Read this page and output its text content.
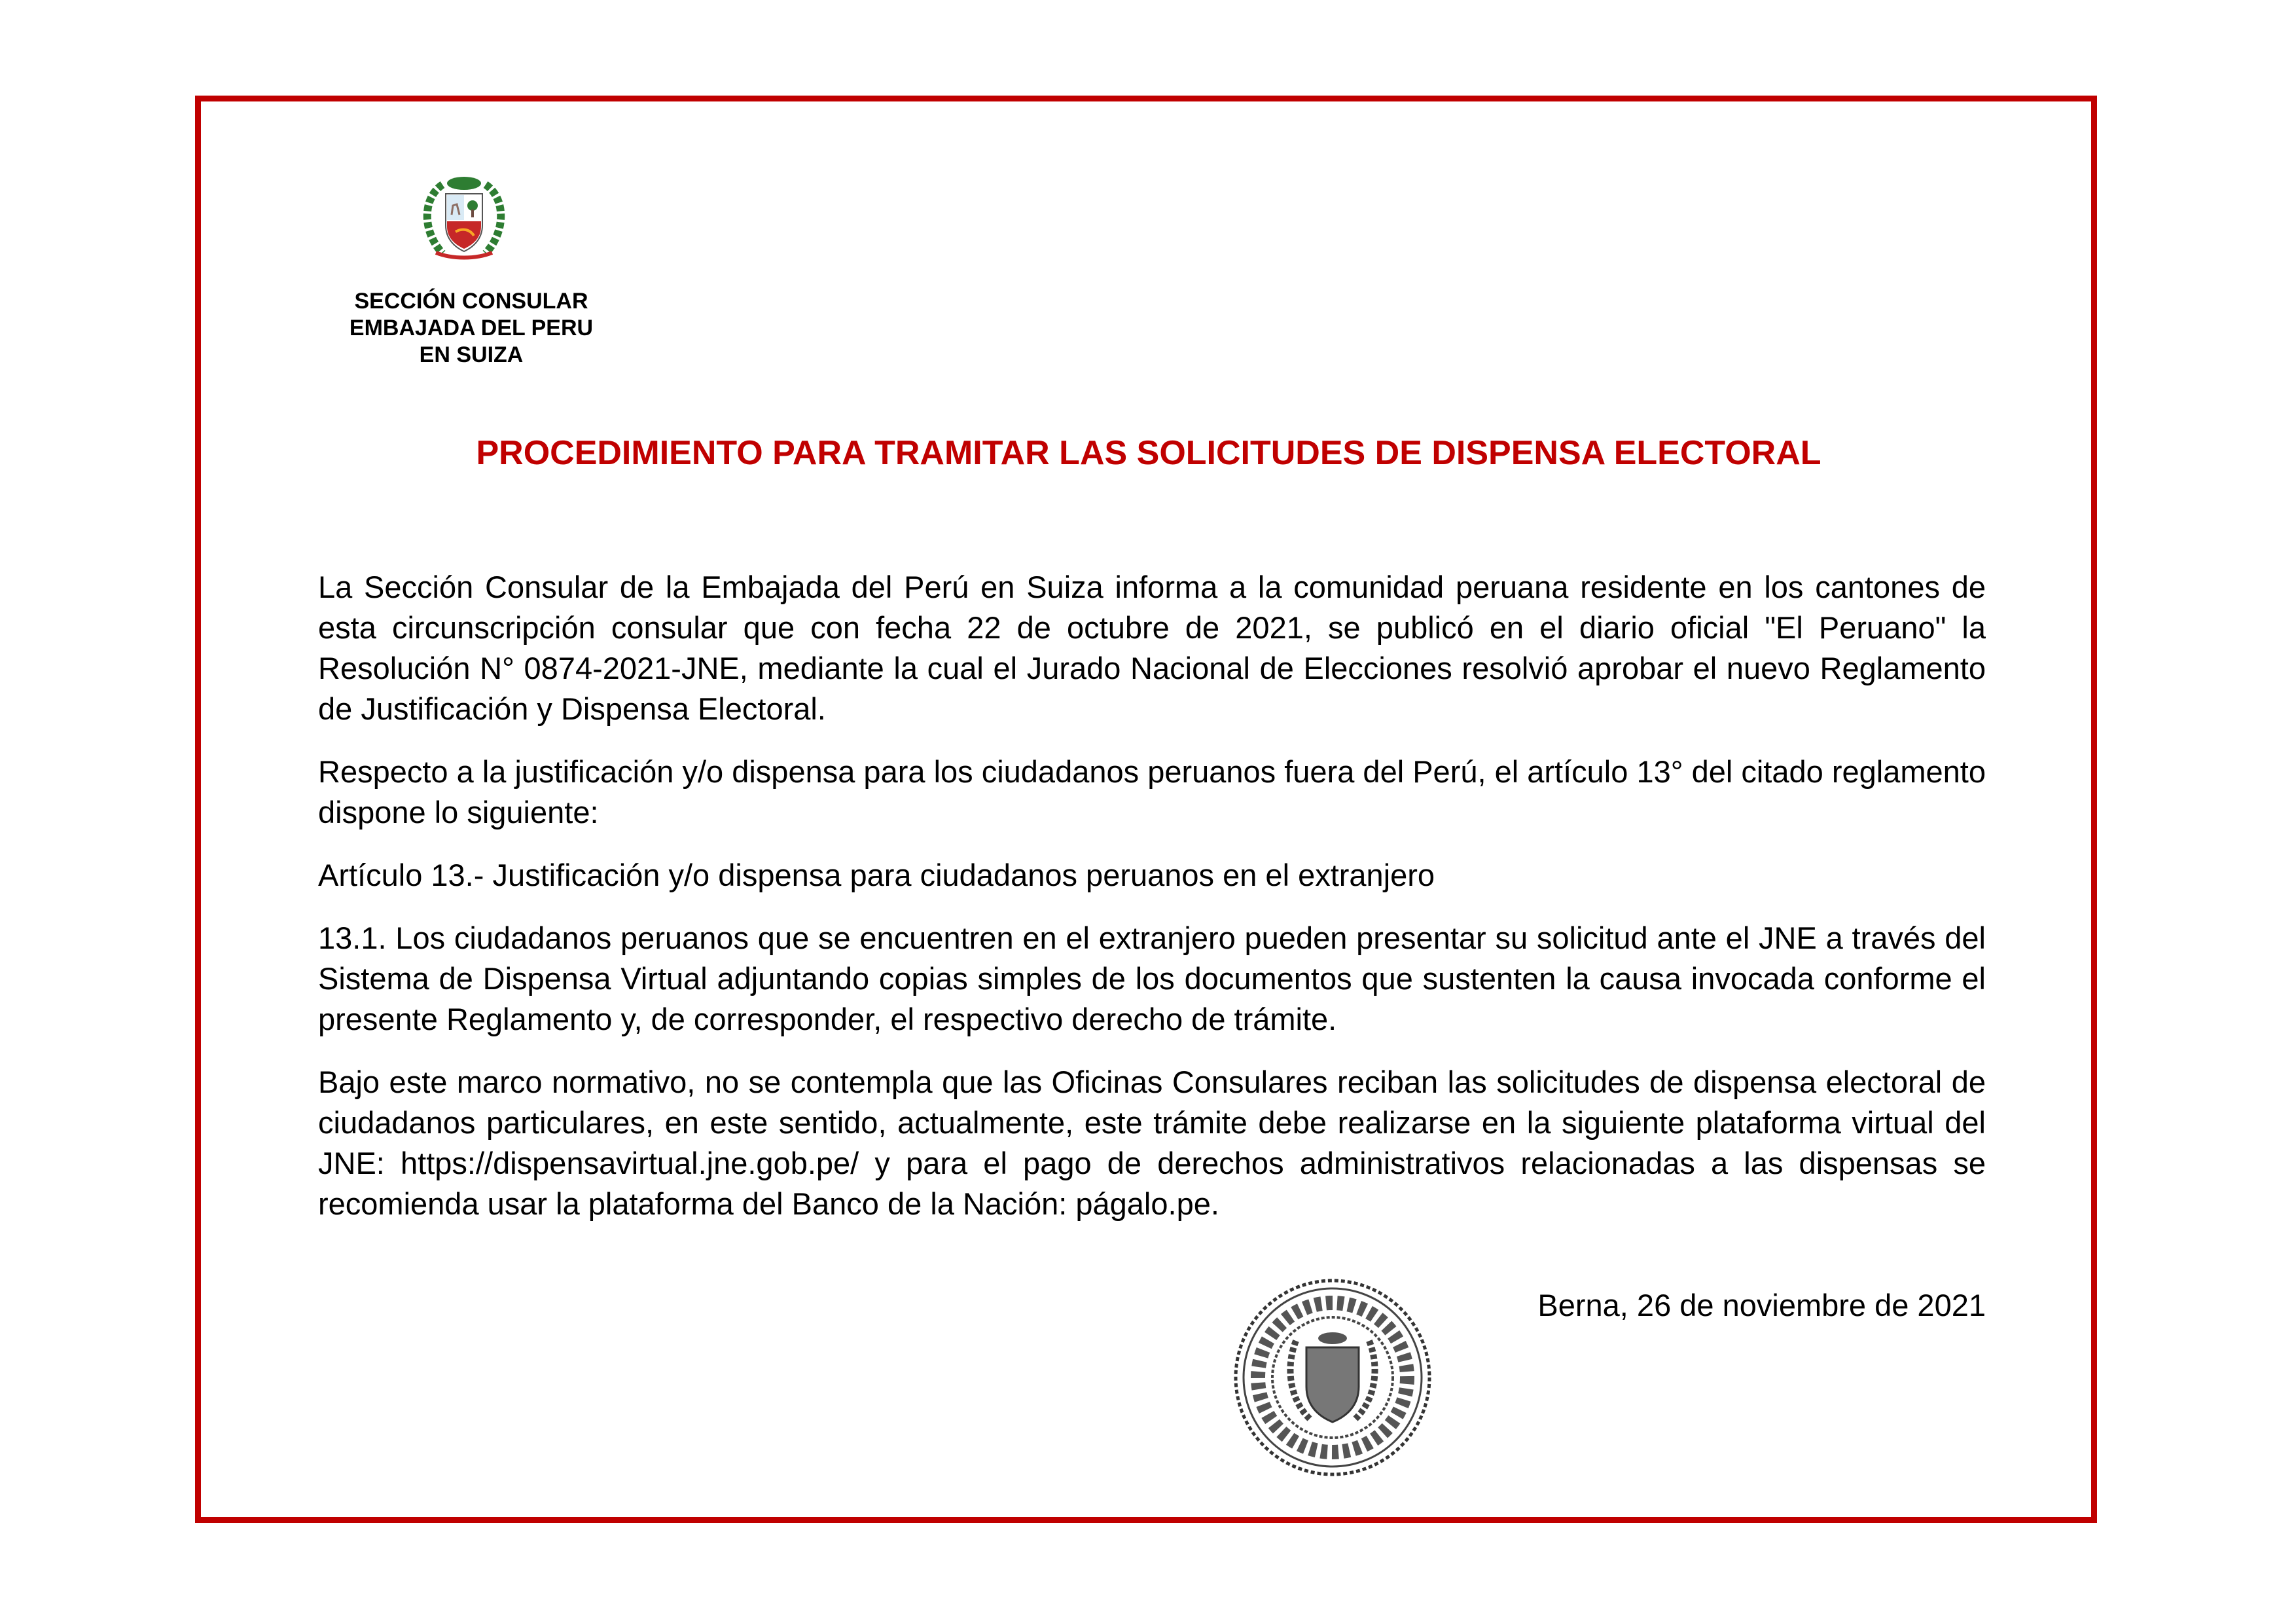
SECCIÓN CONSULAR
EMBAJADA DEL PERU
EN SUIZA
PROCEDIMIENTO PARA TRAMITAR LAS SOLICITUDES DE DISPENSA ELECTORAL

La Sección Consular de la Embajada del Perú en Suiza informa a la comunidad peruana residente en los cantones de esta circunscripción consular que con fecha 22 de octubre de 2021, se publicó en el diario oficial "El Peruano" la Resolución N° 0874-2021-JNE, mediante la cual el Jurado Nacional de Elecciones resolvió aprobar el nuevo Reglamento de Justificación y Dispensa Electoral.

Respecto a la justificación y/o dispensa para los ciudadanos peruanos fuera del Perú, el artículo 13° del citado reglamento dispone lo siguiente:

Artículo 13.- Justificación y/o dispensa para ciudadanos peruanos en el extranjero

13.1. Los ciudadanos peruanos que se encuentren en el extranjero pueden presentar su solicitud ante el JNE a través del Sistema de Dispensa Virtual adjuntando copias simples de los documentos que sustenten la causa invocada conforme el presente Reglamento y, de corresponder, el respectivo derecho de trámite.

Bajo este marco normativo, no se contempla que las Oficinas Consulares reciban las solicitudes de dispensa electoral de ciudadanos particulares, en este sentido, actualmente, este trámite debe realizarse en la siguiente plataforma virtual del JNE: https://dispensavirtual.jne.gob.pe/ y para el pago de derechos administrativos relacionadas a las dispensas se recomienda usar la plataforma del Banco de la Nación: págalo.pe.

Berna, 26 de noviembre de 2021
